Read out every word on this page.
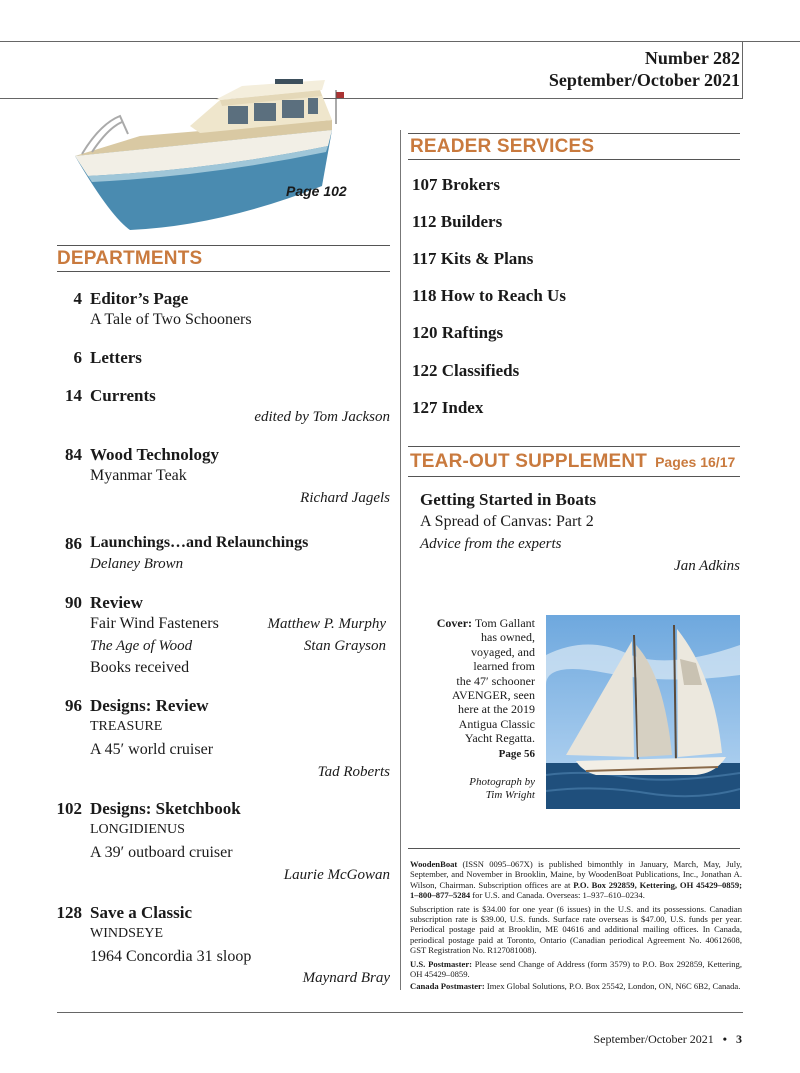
Number 282
September/October 2021
Page 102
DEPARTMENTS
4 Editor’s Page
A Tale of Two Schooners
6 Letters
14 Currents
edited by Tom Jackson
84 Wood Technology
Myanmar Teak
Richard Jagels
86 Launchings…and Relaunchings
Delaney Brown
90 Review
Fair Wind Fasteners	Matthew P. Murphy
The Age of Wood	Stan Grayson
Books received
96 Designs: Review
TREASURE
A 45′ world cruiser
Tad Roberts
102 Designs: Sketchbook
LONGIDIENUS
A 39′ outboard cruiser
Laurie McGowan
128 Save a Classic
WINDSEYE
1964 Concordia 31 sloop
Maynard Bray
READER SERVICES
107 Brokers
112 Builders
117 Kits & Plans
118 How to Reach Us
120 Raftings
122 Classifieds
127 Index
TEAR-OUT SUPPLEMENT Pages 16/17
Getting Started in Boats
A Spread of Canvas: Part 2
Advice from the experts
Jan Adkins
Cover: Tom Gallant
has owned,
voyaged, and
learned from
the 47′ schooner
AVENGER, seen
here at the 2019
Antigua Classic
Yacht Regatta.
Page 56
Photograph by
Tim Wright

WoodenBoat (ISSN 0095–067X) is published bimonthly in January, March, May, July, September, and November in Brooklin, Maine, by WoodenBoat Publications, Inc., Jonathan A. Wilson, Chairman. Subscription offices are at P.O. Box 292859, Kettering, OH 45429–0859; 1–800–877–5284 for U.S. and Canada. Overseas: 1–937–610–0234.

Subscription rate is $34.00 for one year (6 issues) in the U.S. and its possessions. Canadian subscription rate is $39.00, U.S. funds. Surface rate overseas is $47.00, U.S. funds per year. Periodical postage paid at Brooklin, ME 04616 and additional mailing offices. In Canada, periodical postage paid at Toronto, Ontario (Canadian periodical Agreement No. 40612608, GST Registration No. R127081008).

U.S. Postmaster: Please send Change of Address (form 3579) to P.O. Box 292859, Kettering, OH 45429–0859.

Canada Postmaster: Imex Global Solutions, P.O. Box 25542, London, ON, N6C 6B2, Canada.

September/October 2021 • 3
